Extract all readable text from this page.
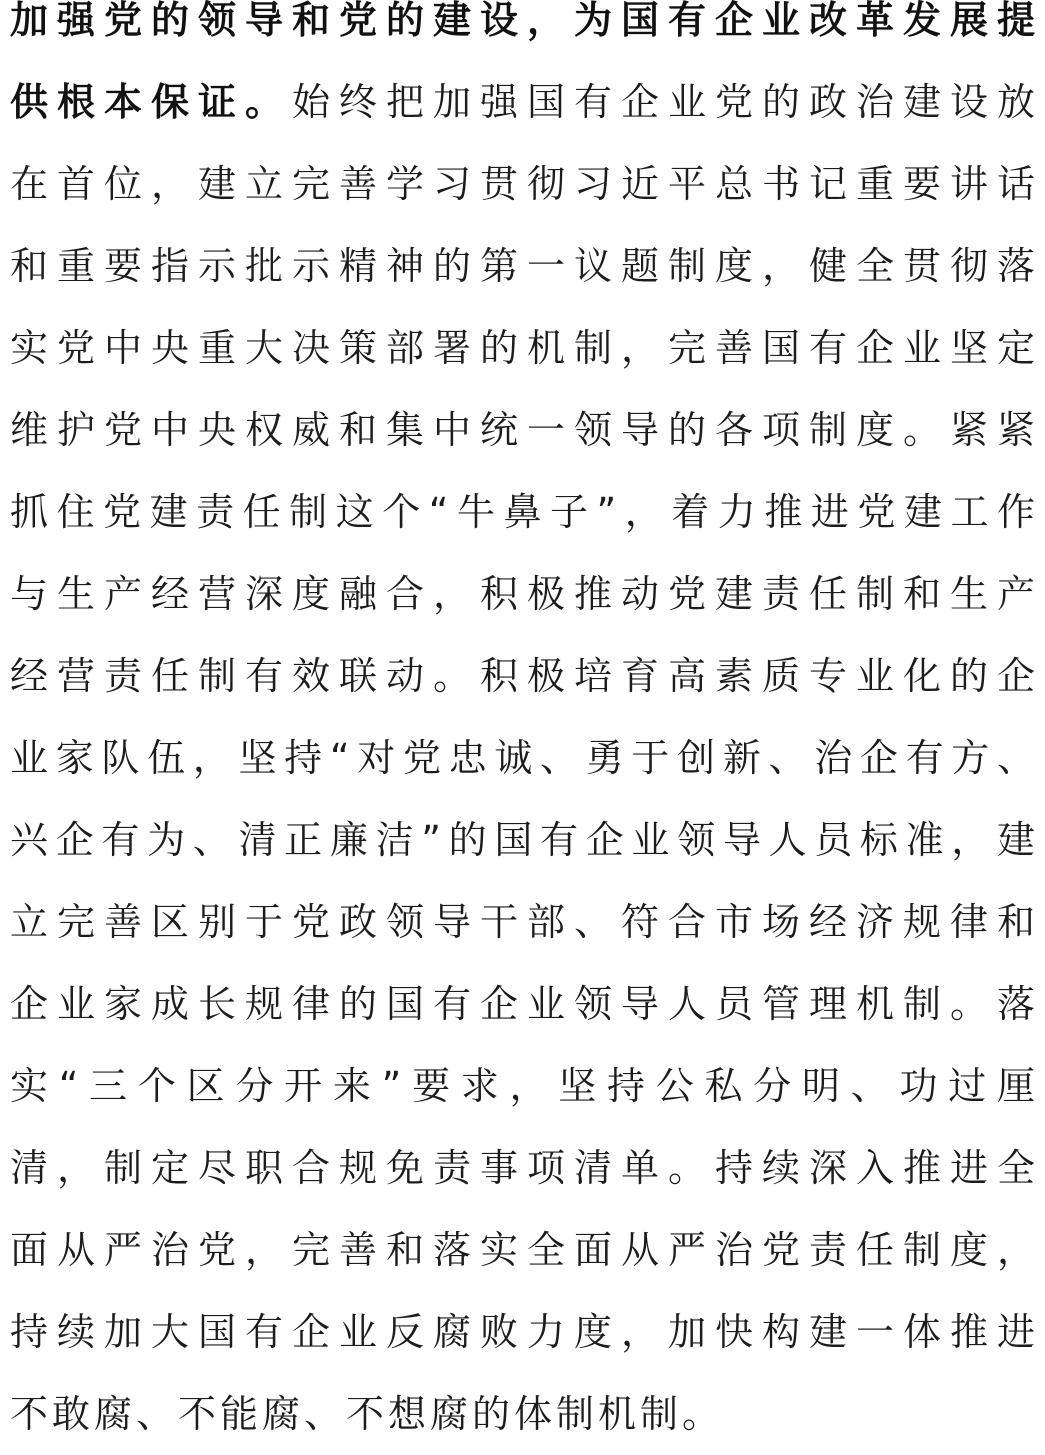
加强党的领导和党的建设，为国有企业改革发展提
供根本保证。始终把加强国有企业党的政治建设放
在首位，建立完善学习贯彻习近平总书记重要讲话
和重要指示批示精神的第一议题制度，健全贯彻落
实党中央重大决策部署的机制，完善国有企业坚定
维护党中央权威和集中统一领导的各项制度。紧紧
抓住党建责任制这个“牛鼻子”，着力推进党建工作
与生产经营深度融合，积极推动党建责任制和生产
经营责任制有效联动。积极培育高素质专业化的企
业家队伍，坚持“对党忠诚、勇于创新、治企有方、
兴企有为、清正廉洁”的国有企业领导人员标准，建
立完善区别于党政领导干部、符合市场经济规律和
企业家成长规律的国有企业领导人员管理机制。落
实“三个区分开来”要求，坚持公私分明、功过厘
清，制定尽职合规免责事项清单。持续深入推进全
面从严治党，完善和落实全面从严治党责任制度，
持续加大国有企业反腐败力度，加快构建一体推进
不敢腐、不能腐、不想腐的体制机制。
